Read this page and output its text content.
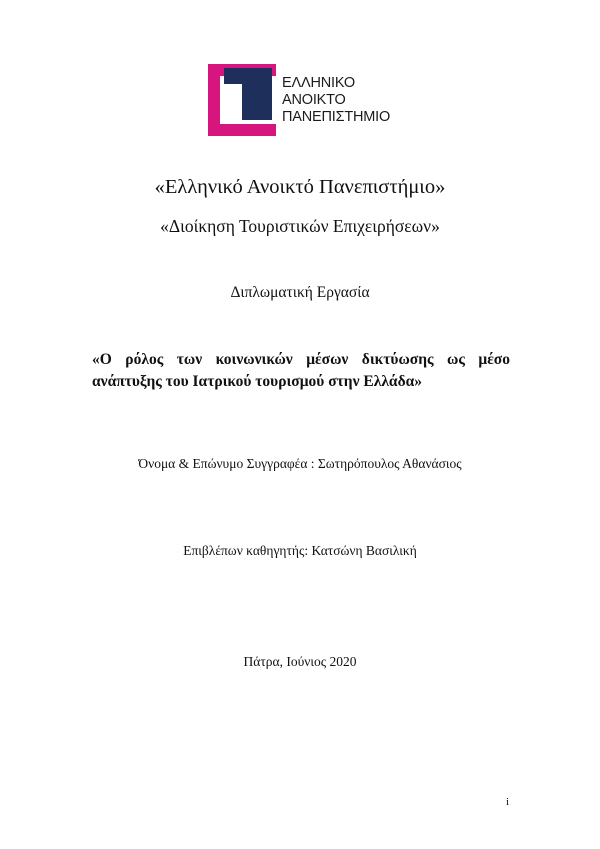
ΕΛΛΗΝΙΚΟ
ΑΝΟΙΚΤΟ
ΠΑΝΕΠΙΣΤΗΜΙΟ
«Ελληνικό Ανοικτό Πανεπιστήμιο»
«Διοίκηση Τουριστικών Επιχειρήσεων»
Διπλωματική Εργασία
«Ο ρόλος των κοινωνικών μέσων δικτύωσης ως μέσο
ανάπτυξης του Ιατρικού τουρισμού στην Ελλάδα»
Όνομα & Επώνυμο Συγγραφέα : Σωτηρόπουλος Αθανάσιος
Επιβλέπων καθηγητής: Κατσώνη Βασιλική
Πάτρα, Ιούνιος 2020
i
